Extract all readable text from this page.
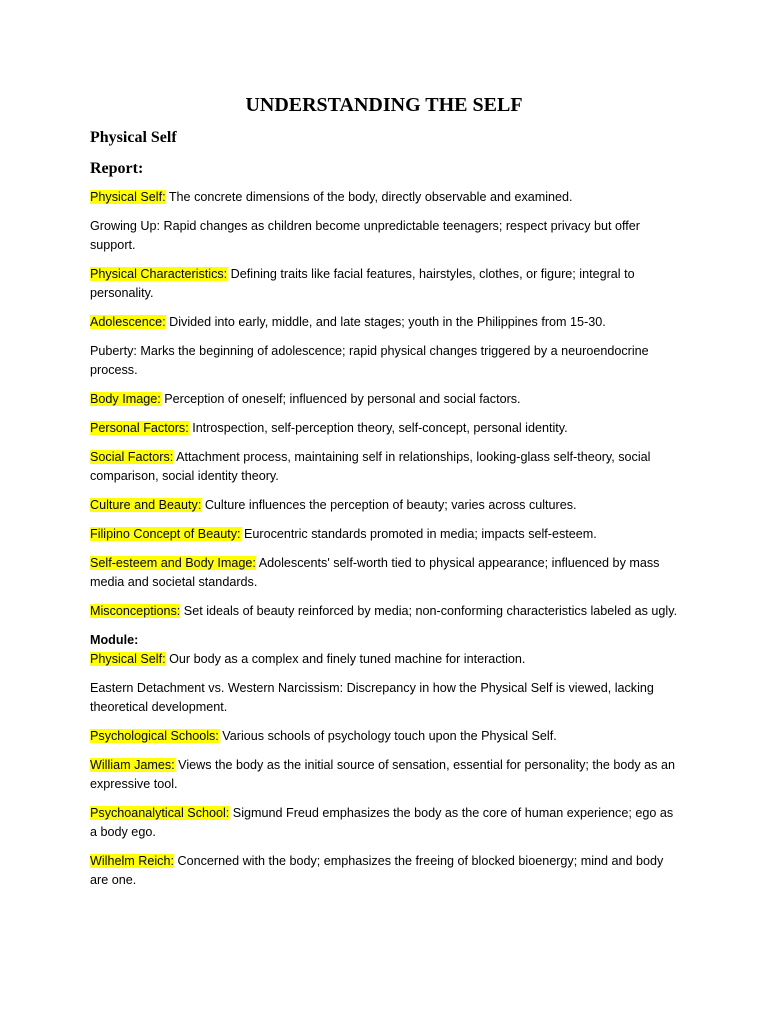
UNDERSTANDING THE SELF
Physical Self
Report:

Physical Self: The concrete dimensions of the body, directly observable and examined.

Growing Up: Rapid changes as children become unpredictable teenagers; respect privacy but offer support.

Physical Characteristics: Defining traits like facial features, hairstyles, clothes, or figure; integral to personality.

Adolescence: Divided into early, middle, and late stages; youth in the Philippines from 15-30.

Puberty: Marks the beginning of adolescence; rapid physical changes triggered by a neuroendocrine process.

Body Image: Perception of oneself; influenced by personal and social factors.

Personal Factors: Introspection, self-perception theory, self-concept, personal identity.

Social Factors: Attachment process, maintaining self in relationships, looking-glass self-theory, social comparison, social identity theory.

Culture and Beauty: Culture influences the perception of beauty; varies across cultures.

Filipino Concept of Beauty: Eurocentric standards promoted in media; impacts self-esteem.

Self-esteem and Body Image: Adolescents' self-worth tied to physical appearance; influenced by mass media and societal standards.

Misconceptions: Set ideals of beauty reinforced by media; non-conforming characteristics labeled as ugly.

Module:

Physical Self: Our body as a complex and finely tuned machine for interaction.

Eastern Detachment vs. Western Narcissism: Discrepancy in how the Physical Self is viewed, lacking theoretical development.

Psychological Schools: Various schools of psychology touch upon the Physical Self.

William James: Views the body as the initial source of sensation, essential for personality; the body as an expressive tool.

Psychoanalytical School: Sigmund Freud emphasizes the body as the core of human experience; ego as a body ego.

Wilhelm Reich: Concerned with the body; emphasizes the freeing of blocked bioenergy; mind and body are one.
